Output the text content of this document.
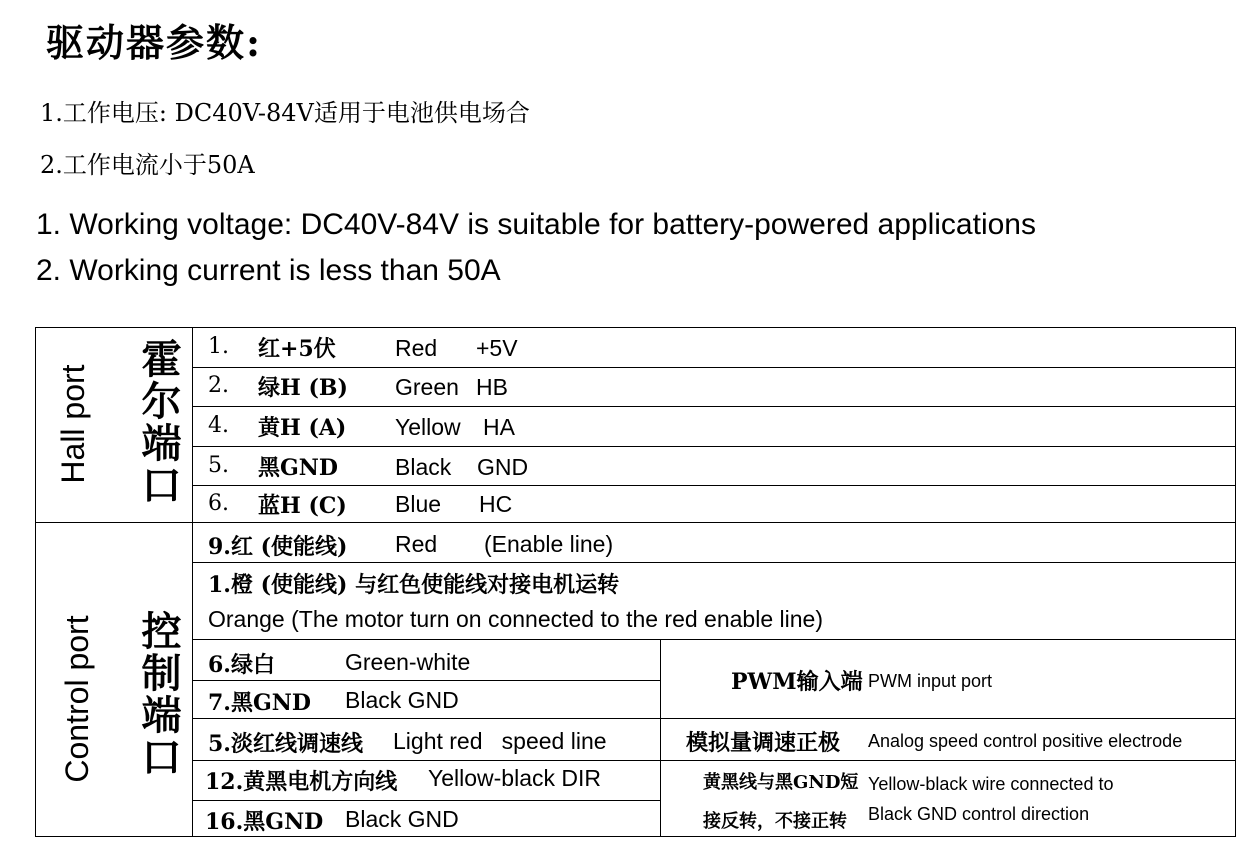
驱动器参数:
1.工作电压: DC40V-84V适用于电池供电场合
2.工作电流小于50A
1. Working voltage: DC40V-84V is suitable for battery-powered applications
2. Working current is less than 50A
Hall port 霍尔端口 1. 红+5伏	Red +5V
2. 绿H (B) Green HB
4. 黄H (A) Yellow HA
5. 黑GND Black GND
6. 蓝H (C) Blue HC
Control port 控制端口
9.红 (使能线) Red (Enable line)
1.橙 (使能线) 与红色使能线对接电机运转
Orange (The motor turn on connected to the red enable line)
6.绿白	Green-white
7.黑GND Black GND
5.淡红线调速线 Light red   speed line
12.黄黑电机方向线 Yellow-black DIR
16.黑GND Black GND
PWM输入端 PWM input port
模拟量调速正极 Analog speed control positive electrode
黄黑线与黑GND短
接反转，不接正转
Yellow-black wire connected to
Black GND control direction
